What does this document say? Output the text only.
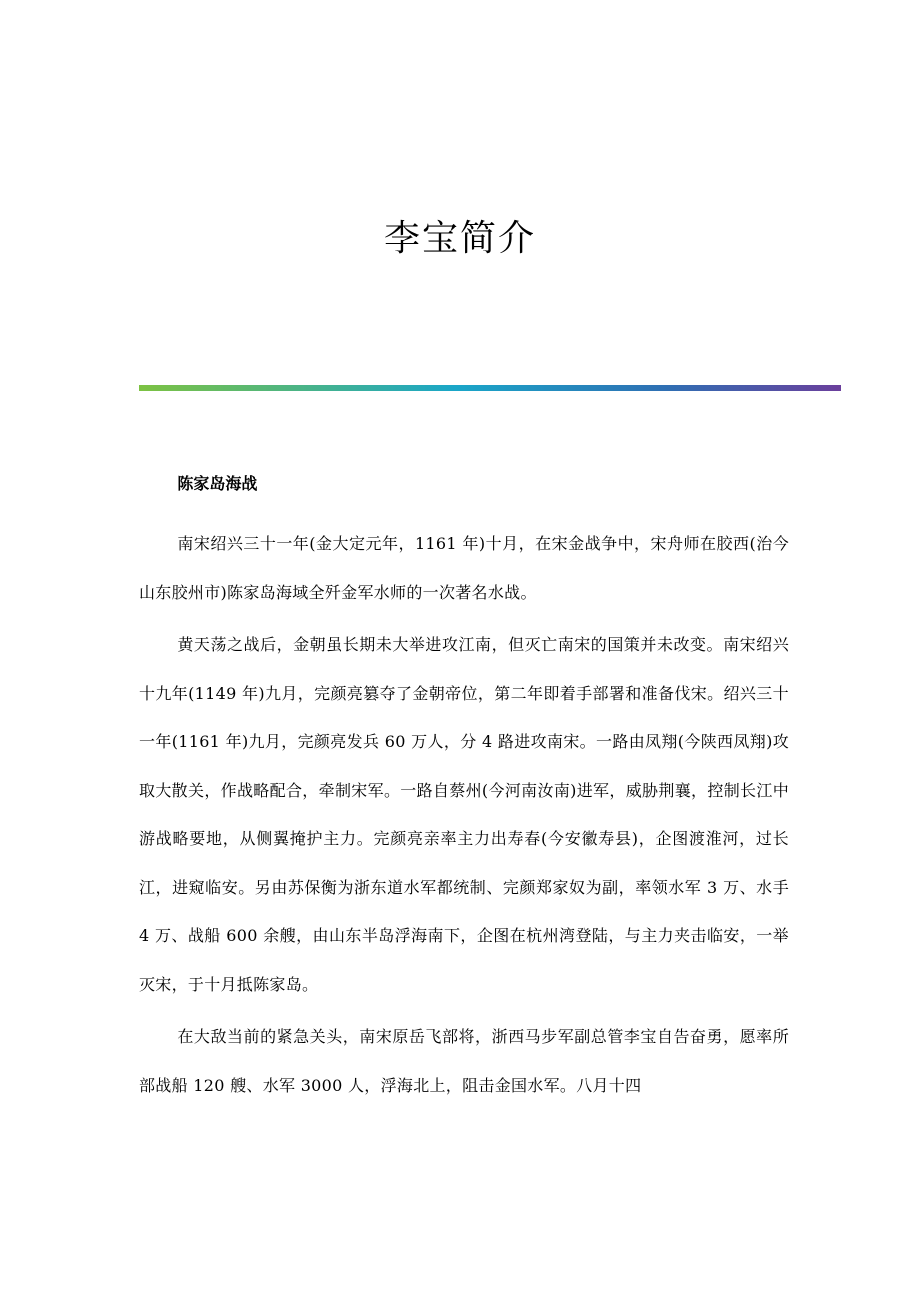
李宝简介

陈家岛海战

南宋绍兴三十一年(金大定元年，1161 年)十月，在宋金战争中，宋舟师在胶西(治今山东胶州市)陈家岛海域全歼金军水师的一次著名水战。

黄天荡之战后，金朝虽长期未大举进攻江南，但灭亡南宋的国策并未改变。南宋绍兴十九年(1149 年)九月，完颜亮篡夺了金朝帝位，第二年即着手部署和准备伐宋。绍兴三十一年(1161 年)九月，完颜亮发兵 60 万人，分 4 路进攻南宋。一路由凤翔(今陕西凤翔)攻取大散关，作战略配合，牵制宋军。一路自蔡州(今河南汝南)进军，威胁荆襄，控制长江中游战略要地，从侧翼掩护主力。完颜亮亲率主力出寿春(今安徽寿县)，企图渡淮河，过长江，进窥临安。另由苏保衡为浙东道水军都统制、完颜郑家奴为副，率领水军 3 万、水手 4 万、战船 600 余艘，由山东半岛浮海南下，企图在杭州湾登陆，与主力夹击临安，一举灭宋，于十月抵陈家岛。

在大敌当前的紧急关头，南宋原岳飞部将，浙西马步军副总管李宝自告奋勇，愿率所部战船 120 艘、水军 3000 人，浮海北上，阻击金国水军。八月十四
